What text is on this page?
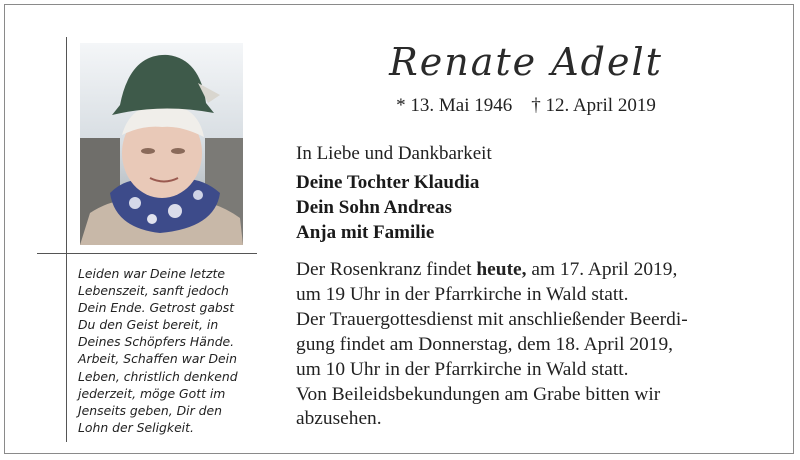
Leiden war Deine letzte
Lebenszeit, sanft jedoch
Dein Ende. Getrost gabst
Du den Geist bereit, in
Deines Schöpfers Hände.
Arbeit, Schaffen war Dein
Leben, christlich denkend
jederzeit, möge Gott im
Jenseits geben, Dir den
Lohn der Seligkeit.
Renate Adelt
* 13. Mai 1946    † 12. April 2019
In Liebe und Dankbarkeit
Deine Tochter Klaudia
Dein Sohn Andreas
Anja mit Familie
Der Rosenkranz findet heute, am 17. April 2019,
um 19 Uhr in der Pfarrkirche in Wald statt.
Der Trauergottesdienst mit anschließender Beerdi-
gung findet am Donnerstag, dem 18. April 2019,
um 10 Uhr in der Pfarrkirche in Wald statt.
Von Beileidsbekundungen am Grabe bitten wir
abzusehen.
